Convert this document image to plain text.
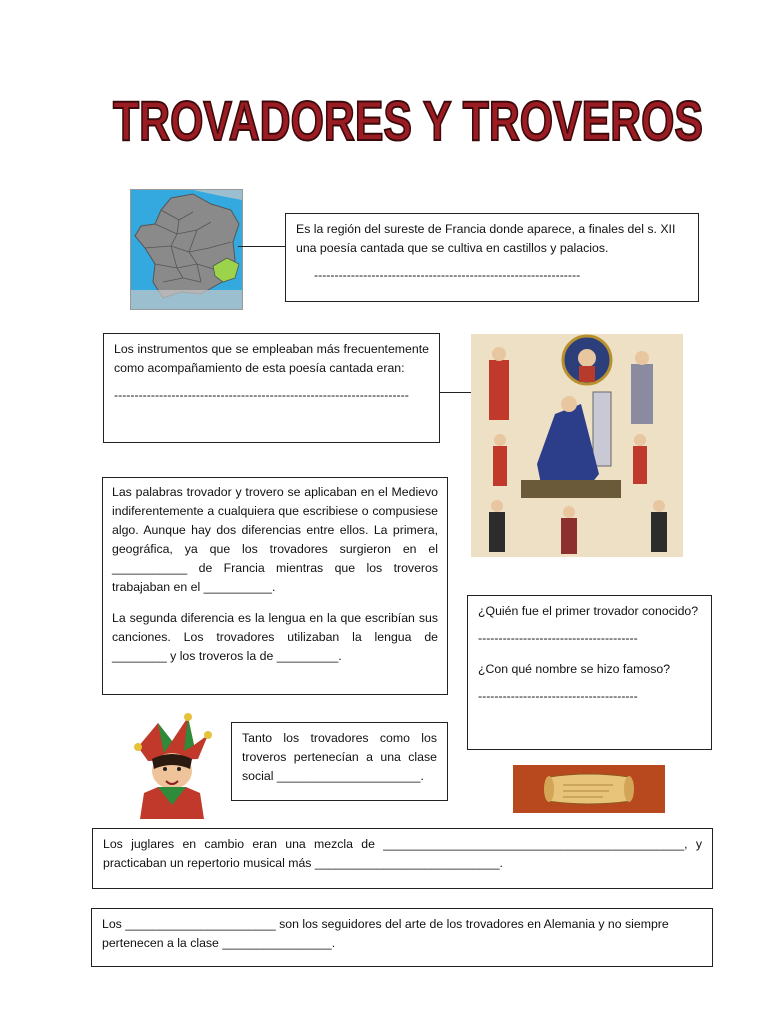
TROVADORES Y TROVEROS

Es la región del sureste de Francia donde aparece, a finales del s. XII una poesía cantada que se cultiva en castillos y palacios.

-----------------------------------------------------------------

Los instrumentos que se empleaban más frecuentemente como acompañamiento de esta poesía cantada eran:

------------------------------------------------------------------------

Las palabras trovador y trovero se aplicaban en el Medievo indiferentemente a cualquiera que escribiese o compusiese algo. Aunque hay dos diferencias entre ellos. La primera, geográfica, ya que los trovadores surgieron en el ___________ de Francia mientras que los troveros trabajaban en el __________.

La segunda diferencia es la lengua en la que escribían sus canciones. Los trovadores utilizaban la lengua de ________ y los troveros la de _________.

¿Quién fue el primer trovador conocido?

---------------------------------------

¿Con qué nombre se hizo famoso?

---------------------------------------

Tanto los trovadores como los troveros pertenecían a una clase social _____________________.

Los juglares en cambio eran una mezcla de ____________________________________________, y practicaban un repertorio musical más ___________________________.

Los ______________________ son los seguidores del arte de los trovadores en Alemania y no siempre pertenecen a la clase ________________.
